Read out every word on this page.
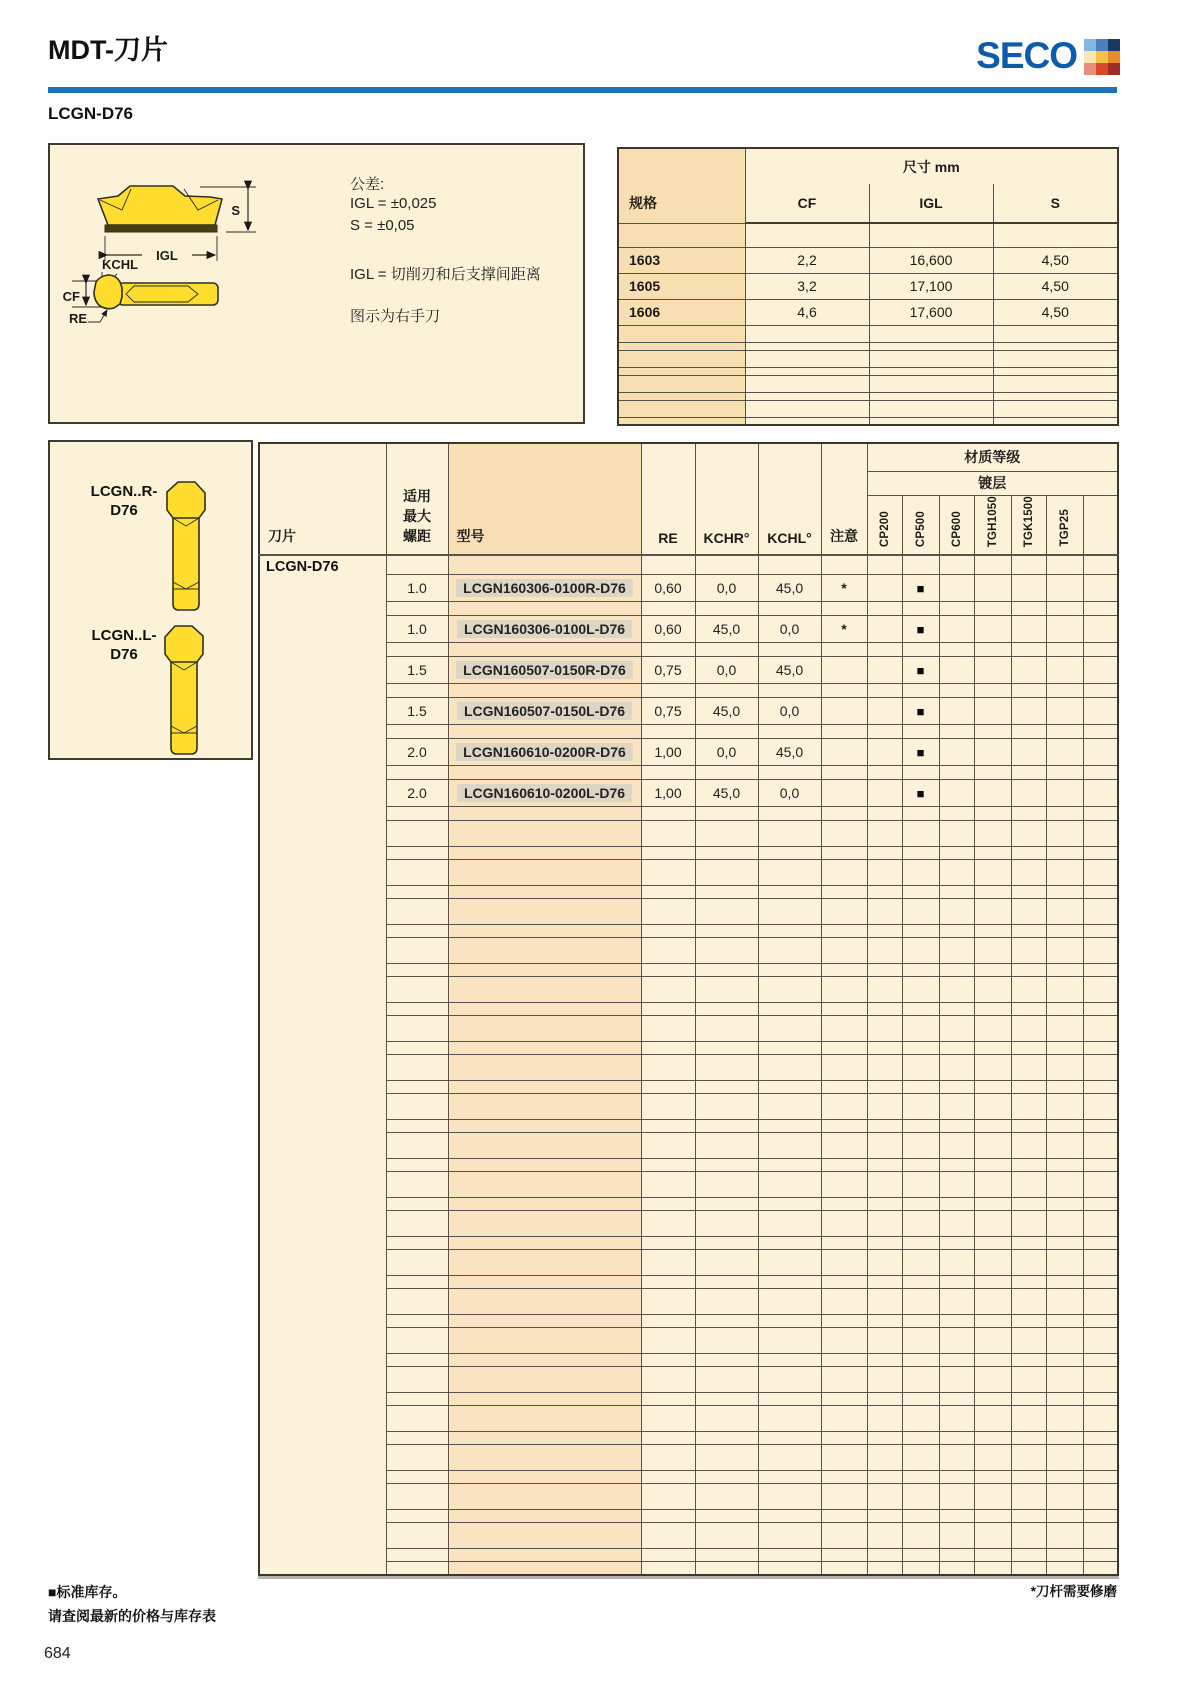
MDT-刀片	SECO
LCGN-D76
S
IGL
KCHL
CF
RE
公差:
IGL = ±0,025
S = ±0,05
IGL = 切削刃和后支撑间距离
图示为右手刀
规格	尺寸 mm		
	CF	IGL	S

1603	2,2	16,600	4,50
1605	3,2	17,100	4,50
1606	4,6	17,600	4,50

LCGN..R-
D76
LCGN..L-
D76
刀片	适用
最大
螺距	型号	RE	KCHR°	KCHL°	注意	材质等级						
							镀层						
							CP200	CP500	CP600	TGH1050	TGK1500	TGP25	
LCGN-D76													
	1.0	LCGN160306-0100R-D76	0,60	0,0	45,0	*		■					

	1.0	LCGN160306-0100L-D76	0,60	45,0	0,0	*		■					

	1.5	LCGN160507-0150R-D76	0,75	0,0	45,0			■					

	1.5	LCGN160507-0150L-D76	0,75	45,0	0,0			■					

	2.0	LCGN160610-0200R-D76	1,00	0,0	45,0			■					

	2.0	LCGN160610-0200L-D76	1,00	45,0	0,0			■					

■标准库存。
请查阅最新的价格与库存表
*刀杆需要修磨
684
